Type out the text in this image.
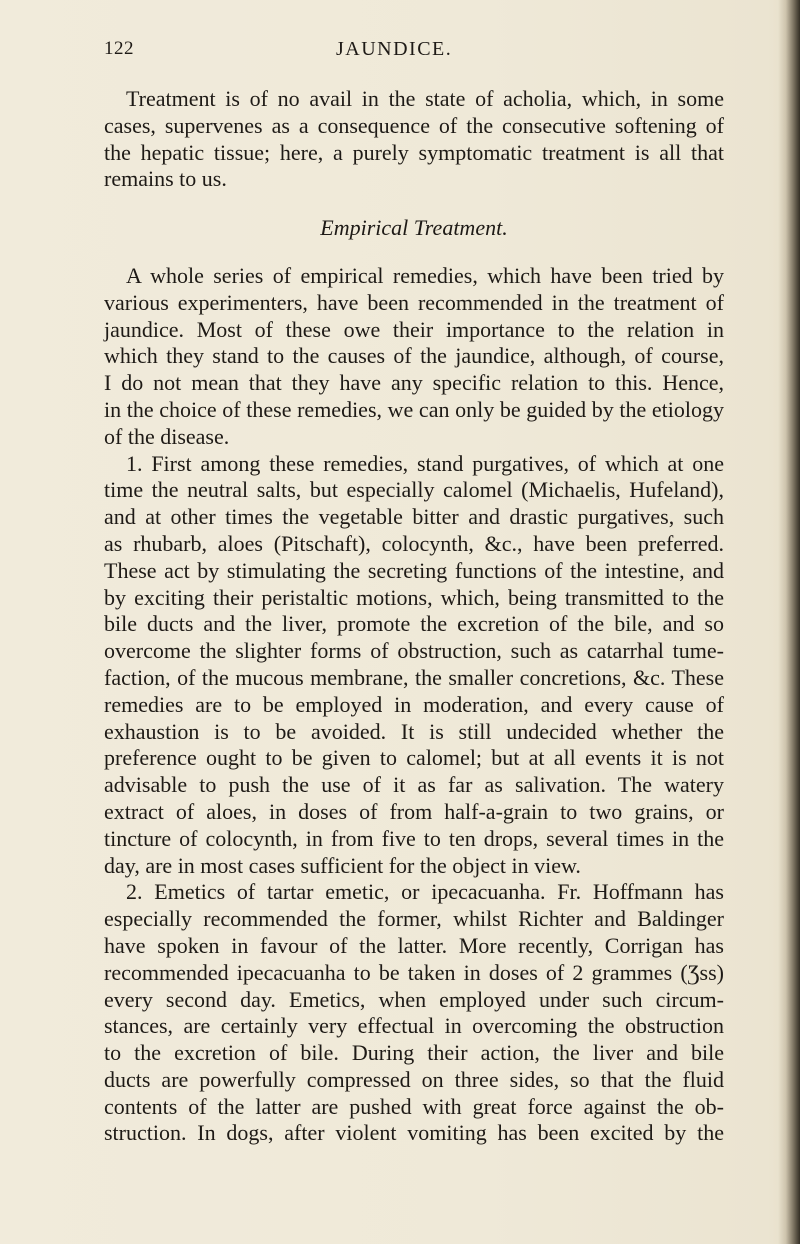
122	JAUNDICE.
Treatment is of no avail in the state of acholia, which, in some
cases, supervenes as a consequence of the consecutive softening of
the hepatic tissue; here, a purely symptomatic treatment is all that
remains to us.
Empirical Treatment.
A whole series of empirical remedies, which have been tried by
various experimenters, have been recommended in the treatment of
jaundice. Most of these owe their importance to the relation in
which they stand to the causes of the jaundice, although, of course,
I do not mean that they have any specific relation to this. Hence,
in the choice of these remedies, we can only be guided by the etiology
of the disease.
1. First among these remedies, stand purgatives, of which at one
time the neutral salts, but especially calomel (Michaelis, Hufeland),
and at other times the vegetable bitter and drastic purgatives, such
as rhubarb, aloes (Pitschaft), colocynth, &c., have been preferred.
These act by stimulating the secreting functions of the intestine, and
by exciting their peristaltic motions, which, being transmitted to the
bile ducts and the liver, promote the excretion of the bile, and so
overcome the slighter forms of obstruction, such as catarrhal tume-
faction, of the mucous membrane, the smaller concretions, &c. These
remedies are to be employed in moderation, and every cause of
exhaustion is to be avoided. It is still undecided whether the
preference ought to be given to calomel; but at all events it is not
advisable to push the use of it as far as salivation. The watery
extract of aloes, in doses of from half-a-grain to two grains, or
tincture of colocynth, in from five to ten drops, several times in the
day, are in most cases sufficient for the object in view.
2. Emetics of tartar emetic, or ipecacuanha. Fr. Hoffmann has
especially recommended the former, whilst Richter and Baldinger
have spoken in favour of the latter. More recently, Corrigan has
recommended ipecacuanha to be taken in doses of 2 grammes (Ʒss)
every second day. Emetics, when employed under such circum-
stances, are certainly very effectual in overcoming the obstruction
to the excretion of bile. During their action, the liver and bile
ducts are powerfully compressed on three sides, so that the fluid
contents of the latter are pushed with great force against the ob-
struction. In dogs, after violent vomiting has been excited by the
